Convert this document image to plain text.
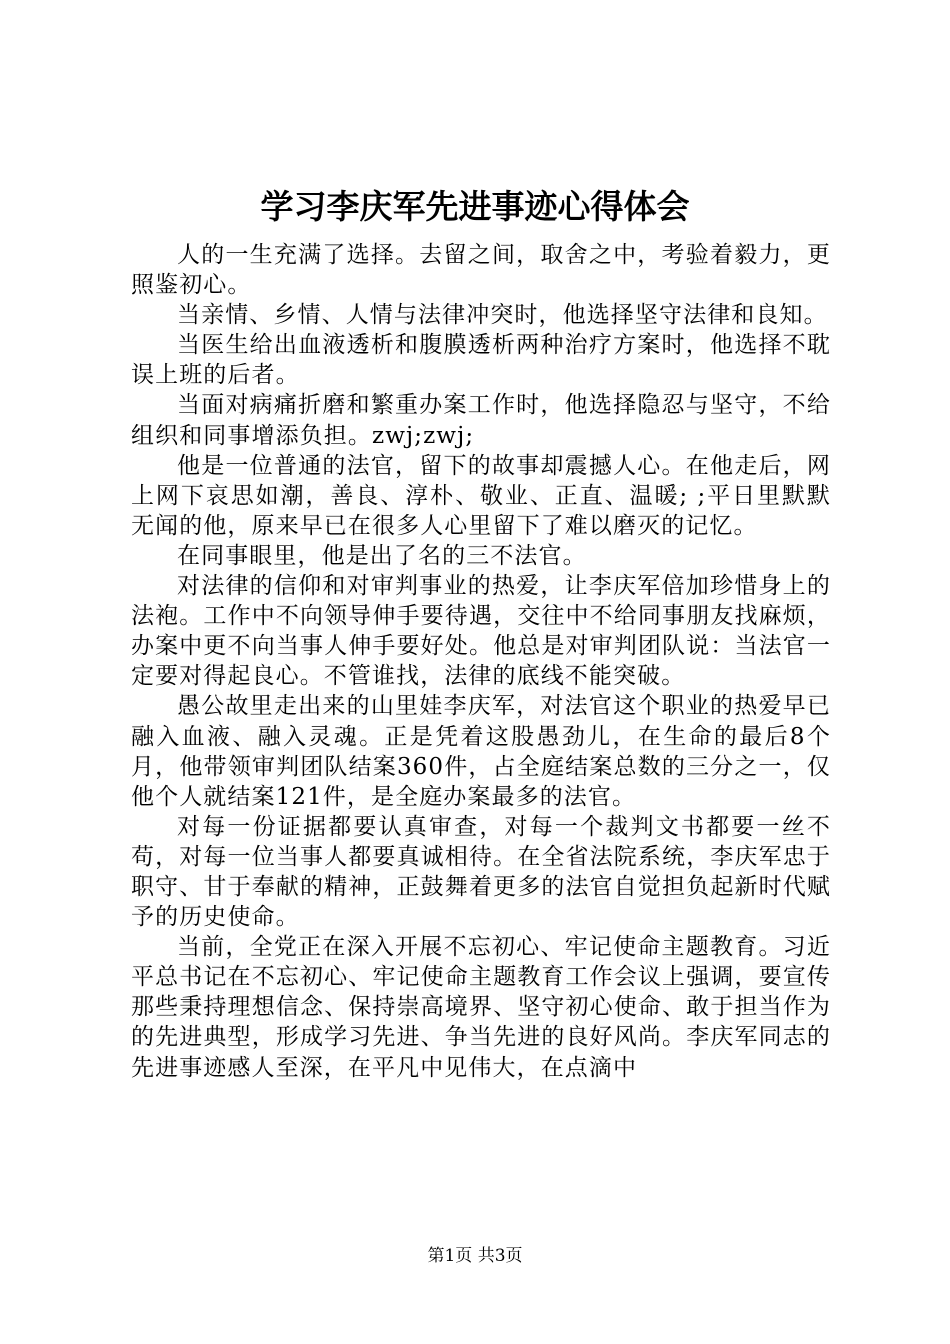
学习李庆军先进事迹心得体会

人的一生充满了选择。去留之间，取舍之中，考验着毅力，更照鉴初心。

当亲情、乡情、人情与法律冲突时，他选择坚守法律和良知。

当医生给出血液透析和腹膜透析两种治疗方案时，他选择不耽误上班的后者。

当面对病痛折磨和繁重办案工作时，他选择隐忍与坚守，不给组织和同事增添负担。zwj;zwj;

他是一位普通的法官，留下的故事却震撼人心。在他走后，网上网下哀思如潮，善良、淳朴、敬业、正直、温暖; ;平日里默默无闻的他，原来早已在很多人心里留下了难以磨灭的记忆。

在同事眼里，他是出了名的三不法官。

对法律的信仰和对审判事业的热爱，让李庆军倍加珍惜身上的法袍。工作中不向领导伸手要待遇，交往中不给同事朋友找麻烦，办案中更不向当事人伸手要好处。他总是对审判团队说：当法官一定要对得起良心。不管谁找，法律的底线不能突破。

愚公故里走出来的山里娃李庆军，对法官这个职业的热爱早已融入血液、融入灵魂。正是凭着这股愚劲儿，在生命的最后8个月，他带领审判团队结案360件，占全庭结案总数的三分之一，仅他个人就结案121件，是全庭办案最多的法官。

对每一份证据都要认真审查，对每一个裁判文书都要一丝不苟，对每一位当事人都要真诚相待。在全省法院系统，李庆军忠于职守、甘于奉献的精神，正鼓舞着更多的法官自觉担负起新时代赋予的历史使命。

当前，全党正在深入开展不忘初心、牢记使命主题教育。习近平总书记在不忘初心、牢记使命主题教育工作会议上强调，要宣传那些秉持理想信念、保持崇高境界、坚守初心使命、敢于担当作为的先进典型，形成学习先进、争当先进的良好风尚。李庆军同志的先进事迹感人至深，在平凡中见伟大，在点滴中

第1页 共3页
